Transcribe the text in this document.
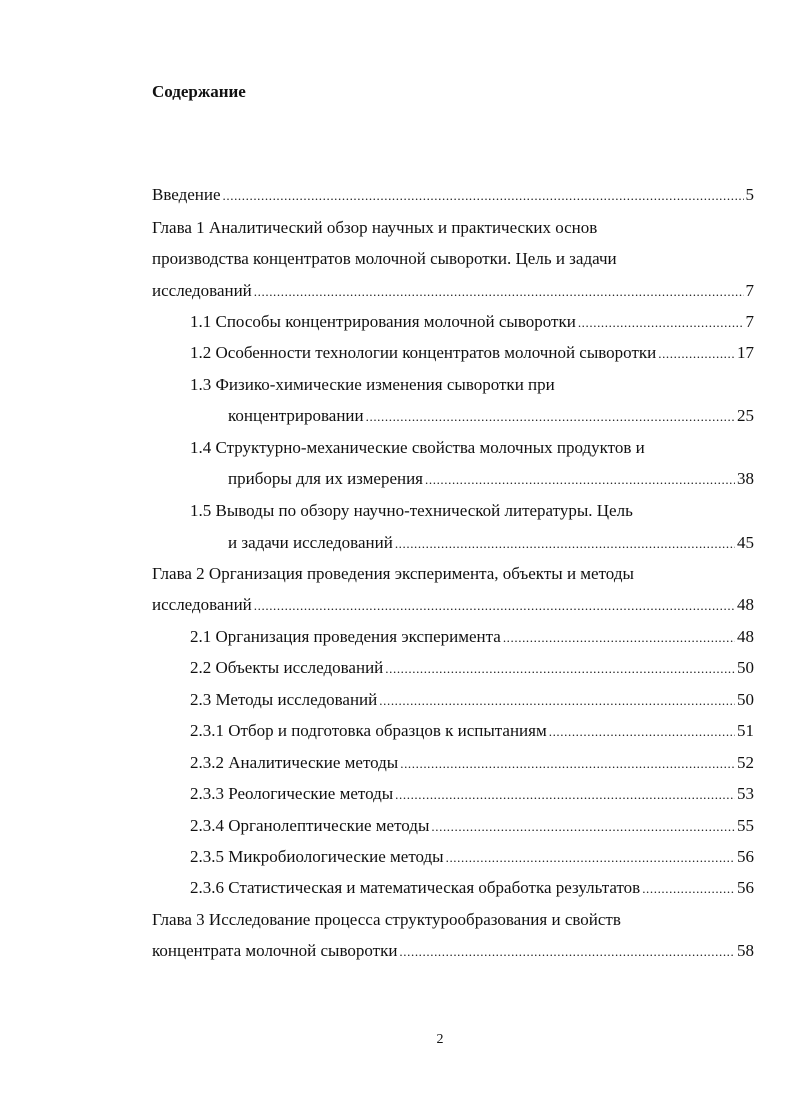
Содержание
Введение .....	5
Глава 1 Аналитический обзор научных и практических основ
производства концентратов молочной сыворотки. Цель и задачи
исследований .....	7
1.1 Способы концентрирования молочной сыворотки .....	7
1.2 Особенности технологии концентратов молочной сыворотки .....	17
1.3 Физико-химические изменения сыворотки при
концентрировании .....	25
1.4 Структурно-механические свойства молочных продуктов и
приборы для их измерения .....	38
1.5 Выводы по обзору научно-технической литературы. Цель
и задачи исследований .....	45
Глава 2 Организация проведения эксперимента, объекты и методы
исследований .....	48
2.1 Организация проведения эксперимента .....	48
2.2 Объекты исследований .....	50
2.3 Методы исследований .....	50
2.3.1 Отбор и подготовка образцов к испытаниям .....	51
2.3.2 Аналитические методы .....	52
2.3.3 Реологические методы .....	53
2.3.4 Органолептические методы .....	55
2.3.5 Микробиологические методы .....	56
2.3.6 Статистическая и математическая обработка результатов .....	56
Глава 3 Исследование процесса структурообразования и свойств
концентрата молочной сыворотки .....	58
2
